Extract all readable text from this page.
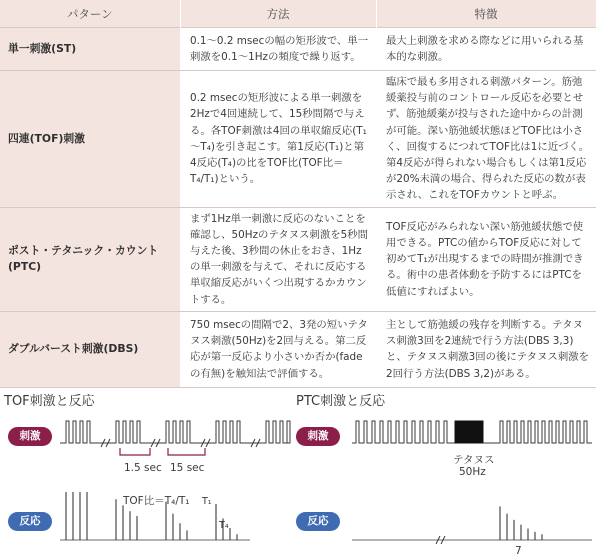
パターン	方法	特徴
単一刺激(ST)	0.1～0.2 msecの幅の矩形波で、単一刺激を0.1～1Hzの頻度で繰り返す。	最大上刺激を求める際などに用いられる基本的な刺激。
四連(TOF)刺激	0.2 msecの矩形波による単一刺激を2Hzで4回連続して、15秒間隔で与える。各TOF刺激は4回の単収縮反応(T₁～T₄)を引き起こす。第1反応(T₁)と第4反応(T₄)の比をTOF比(TOF比＝T₄/T₁)という。	臨床で最も多用される刺激パターン。筋弛緩薬投与前のコントロール反応を必要とせず、筋弛緩薬が投与された途中からの計測が可能。深い筋弛緩状態ほどTOF比は小さく、回復するにつれてTOF比は1に近づく。第4反応が得られない場合もしくは第1反応が20%未満の場合、得られた反応の数が表示され、これをTOFカウントと呼ぶ。
ポスト・テタニック・カウント(PTC)	まず1Hz単一刺激に反応のないことを確認し、50Hzのテタヌス刺激を5秒間与えた後、3秒間の休止をおき、1Hzの単一刺激を与えて、それに反応する単収縮反応がいくつ出現するかカウントする。	TOF反応がみられない深い筋弛緩状態で使用できる。PTCの値からTOF反応に対して初めてT₁が出現するまでの時間が推測できる。術中の患者体動を予防するにはPTCを低値にすればよい。
ダブルバースト刺激(DBS)	750 msecの間隔で2、3発の短いテタヌス刺激(50Hz)を2回与える。第二反応が第一反応より小さいか否か(fadeの有無)を触知法で評価する。	主として筋弛緩の残存を判断する。テタヌス刺激3回を2連続で行う方法(DBS 3,3)と、テタヌス刺激3回の後にテタヌス刺激を2回行う方法(DBS 3,2)がある。
TOF刺激と反応	PTC刺激と反応
刺激
反応
刺激
反応
1.5 sec 15 sec
TOF比＝T₄/T₁ T₁
T₄
テタヌス
50Hz
7
